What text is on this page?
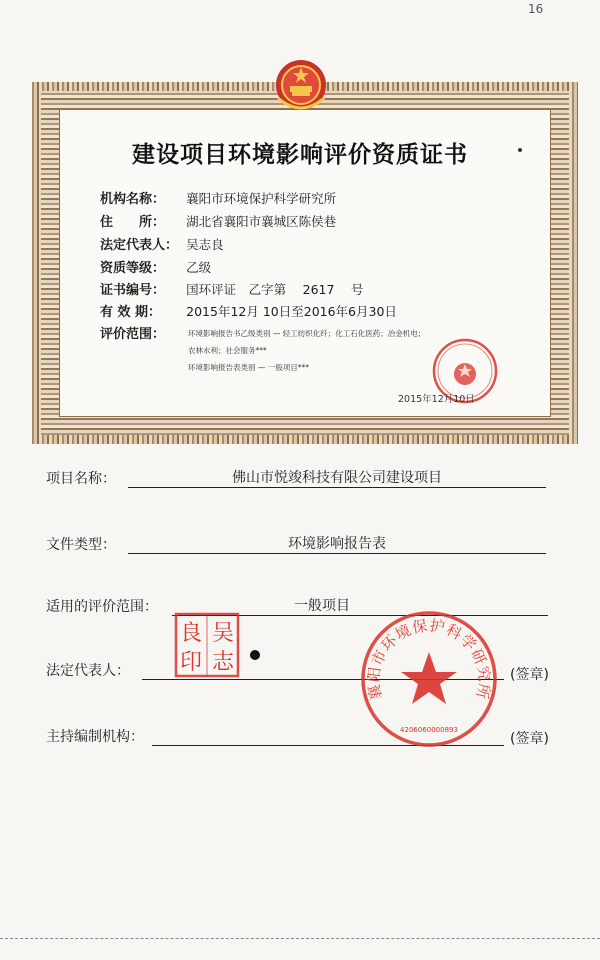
16
建设项目环境影响评价资质证书
机构名称： 襄阳市环境保护科学研究所
住　　所： 湖北省襄阳市襄城区陈侯巷
法定代表人： 吴志良
资质等级： 乙级
证书编号： 国环评证　乙字第　 2617　 号
有 效 期： 2015年12月 10日至2016年6月30日
评价范围：	环境影响报告书乙级类别 — 轻工纺织化纤；化工石化医药；冶金机电；
农林水利；社会服务***
环境影响报告表类别 — 一般项目***
2015年12月10日
项目名称：	佛山市悦竣科技有限公司建设项目
文件类型：	环境影响报告表
适用的评价范围：	一般项目
法定代表人：	(签章)
主持编制机构：	(签章)
良 吴
印 志
襄阳市环境保护科学研究所
4206060000893
